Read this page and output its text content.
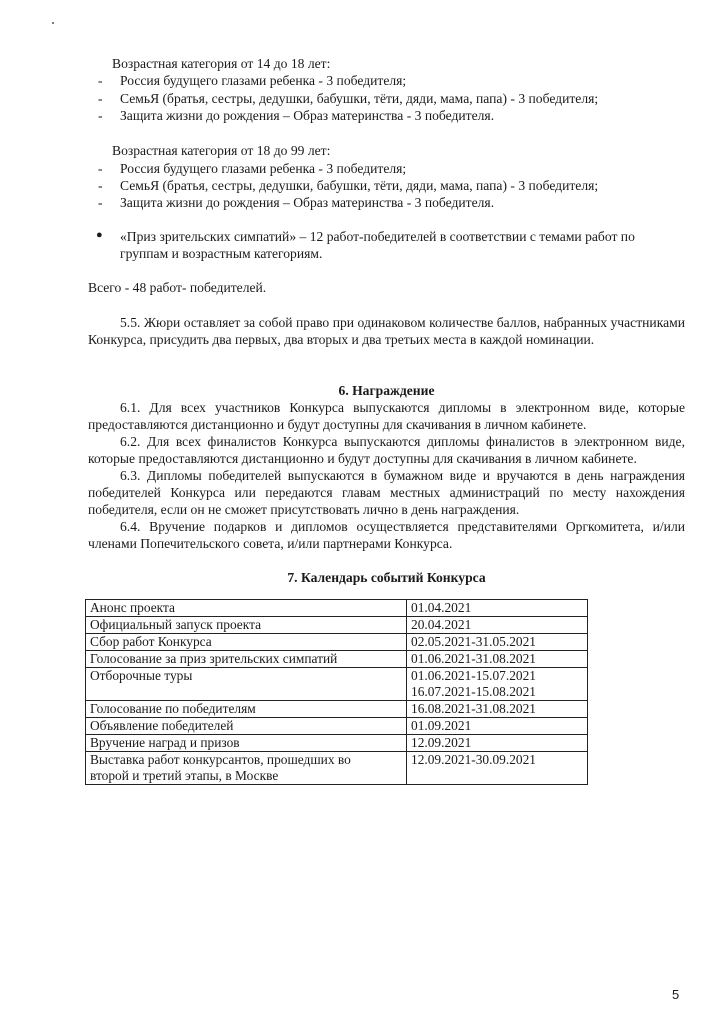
Возрастная категория от 14 до 18 лет:
- Россия будущего глазами ребенка - 3 победителя;
- СемьЯ (братья, сестры, дедушки, бабушки, тёти, дяди, мама, папа) - 3 победителя;
- Защита жизни до рождения – Образ материнства - 3 победителя.
Возрастная категория от 18 до 99 лет:
- Россия будущего глазами ребенка - 3 победителя;
- СемьЯ (братья, сестры, дедушки, бабушки, тёти, дяди, мама, папа) - 3 победителя;
- Защита жизни до рождения – Образ материнства - 3 победителя.
● «Приз зрительских симпатий» – 12 работ-победителей в соответствии с темами работ по
группам и возрастным категориям.
Всего - 48 работ- победителей.
5.5. Жюри оставляет за собой право при одинаковом количестве баллов, набранных участниками Конкурса, присудить два первых, два вторых и два третьих места в каждой номинации.
6. Награждение
6.1. Для всех участников Конкурса выпускаются дипломы в электронном виде, которые предоставляются дистанционно и будут доступны для скачивания в личном кабинете.
6.2. Для всех финалистов Конкурса выпускаются дипломы финалистов в электронном виде, которые предоставляются дистанционно и будут доступны для скачивания в личном кабинете.
6.3. Дипломы победителей выпускаются в бумажном виде и вручаются в день награждения победителей Конкурса или передаются главам местных администраций по месту нахождения победителя, если он не сможет присутствовать лично в день награждения.
6.4. Вручение подарков и дипломов осуществляется представителями Оргкомитета, и/или членами Попечительского совета, и/или партнерами Конкурса.
7. Календарь событий Конкурса
Анонс проекта	01.04.2021
Официальный запуск проекта	20.04.2021
Сбор работ Конкурса	02.05.2021-31.05.2021
Голосование за приз зрительских симпатий	01.06.2021-31.08.2021
Отборочные туры	01.06.2021-15.07.2021
16.07.2021-15.08.2021

Голосование по победителям	16.08.2021-31.08.2021
Объявление победителей	01.09.2021
Вручение наград и призов	12.09.2021

Выставка работ конкурсантов, прошедших во
второй и третий этапы, в Москве	12.09.2021-30.09.2021
5
